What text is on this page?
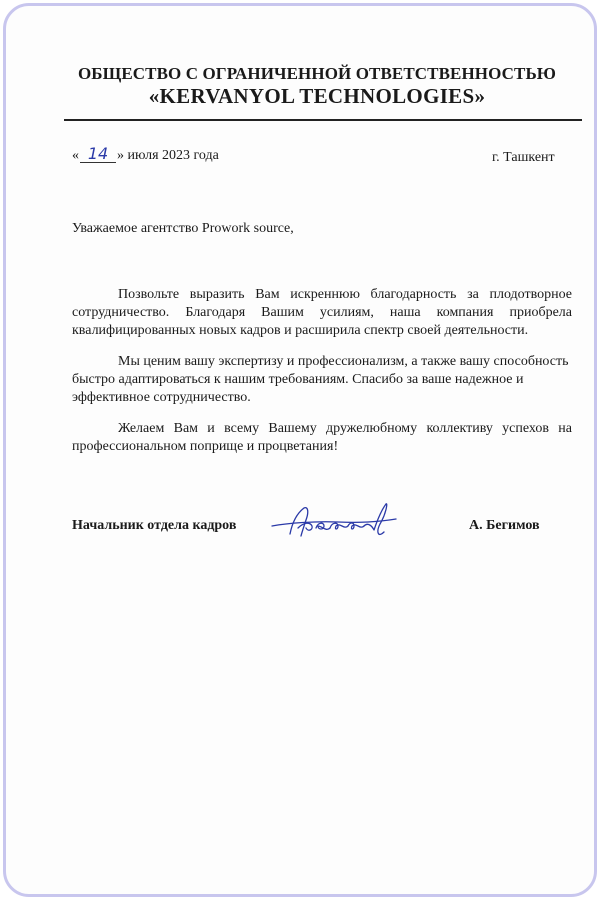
ОБЩЕСТВО С ОГРАНИЧЕННОЙ ОТВЕТСТВЕННОСТЬЮ
«KERVANYOL TECHNOLOGIES»
« 14 » июля 2023 года	г. Ташкент
Уважаемое агентство Prowork source,

Позвольте выразить Вам искреннюю благодарность за плодотворное сотрудничество. Благодаря Вашим усилиям, наша компания приобрела квалифицированных новых кадров и расширила спектр своей деятельности.

Мы ценим вашу экспертизу и профессионализм, а также вашу способность быстро адаптироваться к нашим требованиям. Спасибо за ваше надежное и эффективное сотрудничество.

Желаем Вам и всему Вашему дружелюбному коллективу успехов на профессиональном поприще и процветания!

Начальник отдела кадров	А. Бегимов
